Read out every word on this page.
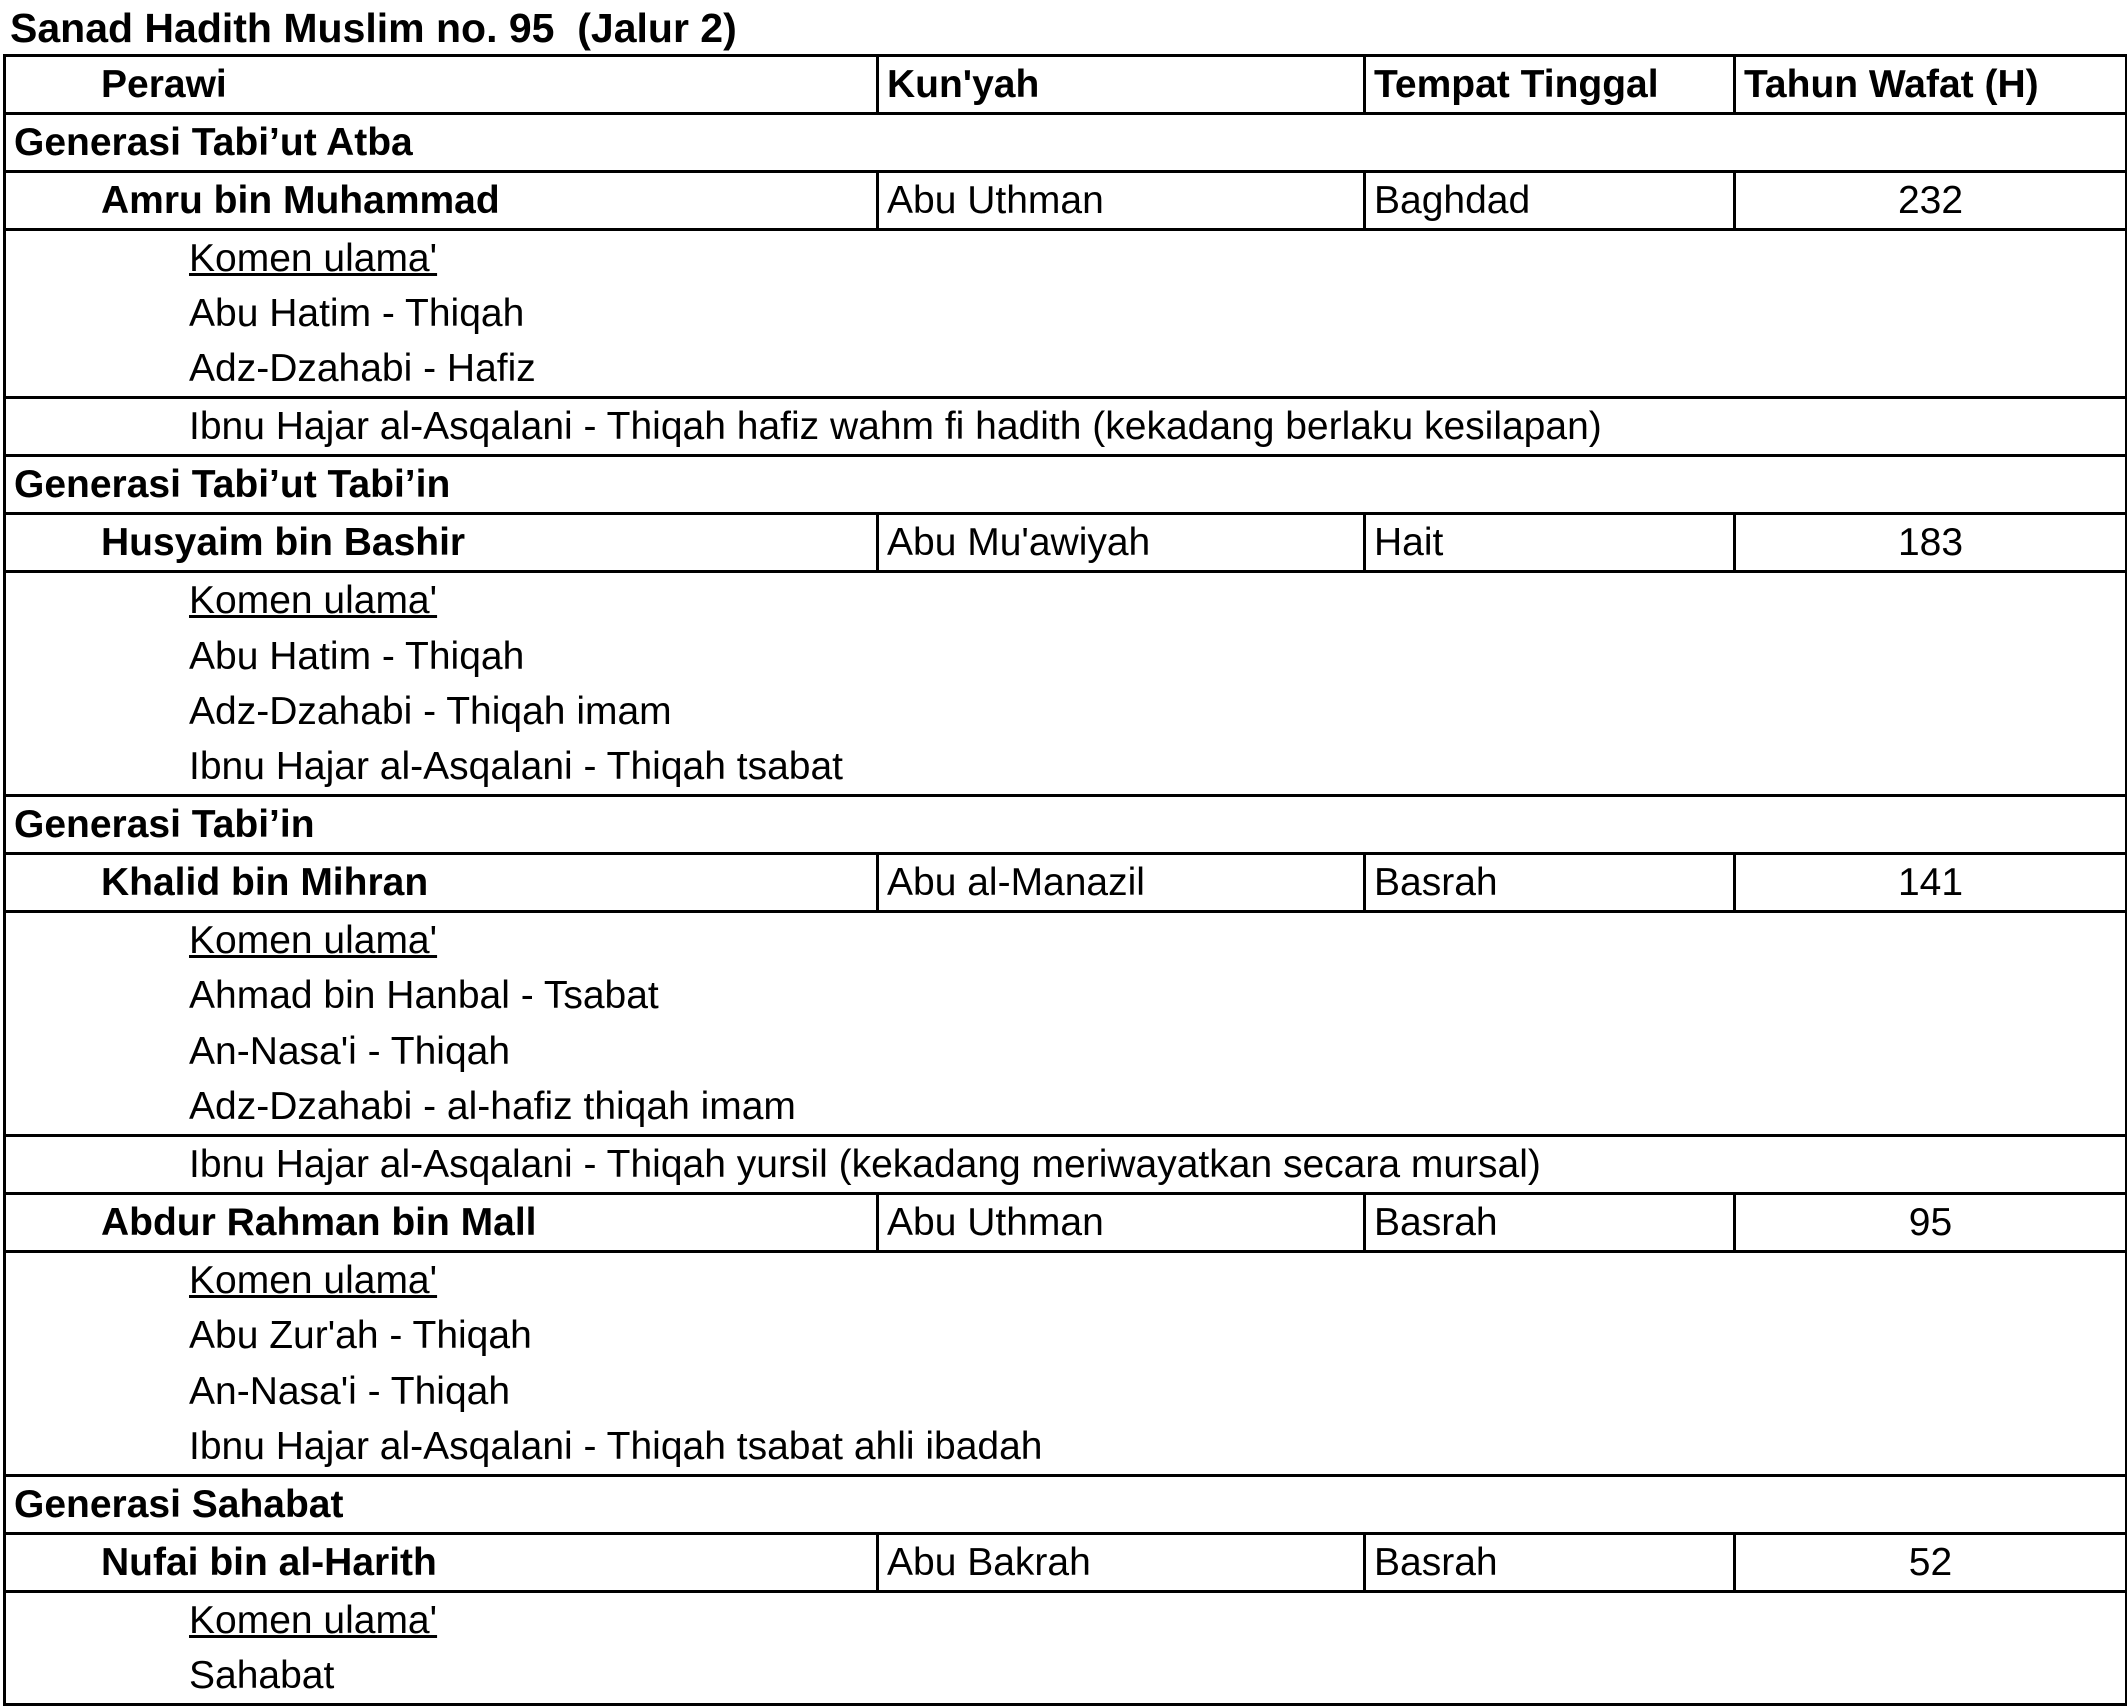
Sanad Hadith Muslim no. 95  (Jalur 2)
Perawi	Kun'yah	Tempat Tinggal	Tahun Wafat (H)
Generasi Tabi’ut Atba			
Amru bin Muhammad	Abu Uthman	Baghdad	232
Komen ulama'			
Abu Hatim - Thiqah			
Adz-Dzahabi - Hafiz			
Ibnu Hajar al-Asqalani - Thiqah hafiz wahm fi hadith (kekadang berlaku kesilapan)			
Generasi Tabi’ut Tabi’in			
Husyaim bin Bashir	Abu Mu'awiyah	Hait	183
Komen ulama'			
Abu Hatim - Thiqah			
Adz-Dzahabi - Thiqah imam			
Ibnu Hajar al-Asqalani - Thiqah tsabat			
Generasi Tabi’in			
Khalid bin Mihran	Abu al-Manazil	Basrah	141
Komen ulama'			
Ahmad bin Hanbal - Tsabat			
An-Nasa'i - Thiqah			
Adz-Dzahabi - al-hafiz thiqah imam			
Ibnu Hajar al-Asqalani - Thiqah yursil (kekadang meriwayatkan secara mursal)			
Abdur Rahman bin Mall	Abu Uthman	Basrah	95
Komen ulama'			
Abu Zur'ah - Thiqah			
An-Nasa'i - Thiqah			
Ibnu Hajar al-Asqalani - Thiqah tsabat ahli ibadah			
Generasi Sahabat			
Nufai bin al-Harith	Abu Bakrah	Basrah	52
Komen ulama'			
Sahabat			
